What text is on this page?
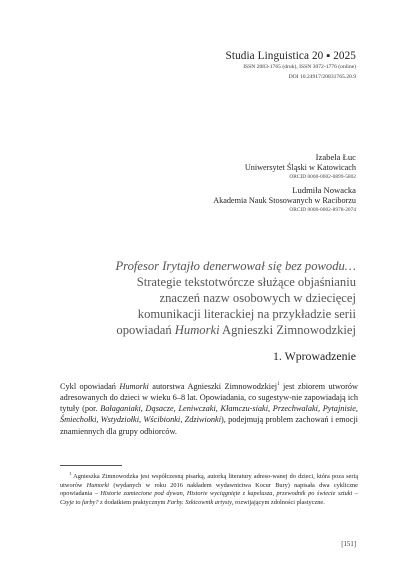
Studia Linguistica 20 ▪ 2025
ISSN 2083-1765 (druk), ISSN 3072-1776 (online)
DOI 10.24917/20831765.20.9
Izabela Łuc
Uniwersytet Śląski w Katowicach
ORCID 0000-0002-0899-5802
Ludmiła Nowacka
Akademia Nauk Stosowanych w Raciborzu
ORCID 0000-0002-8978-2074
Profesor Irytajło denerwował się bez powodu…
Strategie tekstotwórcze służące objaśnianiu
znaczeń nazw osobowych w dziecięcej
komunikacji literackiej na przykładzie serii
opowiadań Humorki Agnieszki Zimnowodzkiej
1. Wprowadzenie

Cykl opowiadań Humorki autorstwa Agnieszki Zimnowodzkiej$^1$ jest zbiorem utworów adresowanych do dzieci w wieku 6–8 lat. Opowiadania, co sugestyw-nie zapowiadają ich tytuły (por. Bałaganiaki, Dąsacze, Leniwczaki, Kłamczu-siaki, Przechwalaki, Pytajnisie, Śmiechołki, Wstydziołki, Wścibionki, Zdziwionki), podejmują problem zachowań i emocji znamiennych dla grupy odbiorców.

$^1$ Agnieszka Zimnowodzka jest współczesną pisarką, autorką literatury adreso-wanej do dzieci, która poza serią utworów Humorki (wydanych w roku 2016 nakładem wydawnictwa Kocur Bury) napisała dwa cykliczne opowiadania – Historie zamiecione pod dywan, Historie wyciągnięte z kapelusza, przewodnik po świecie sztuki – Czyje to farby? z dodatkiem praktycznym Farby. Szkicownik artysty, rozwijającym zdolności plastyczne.
[151]
